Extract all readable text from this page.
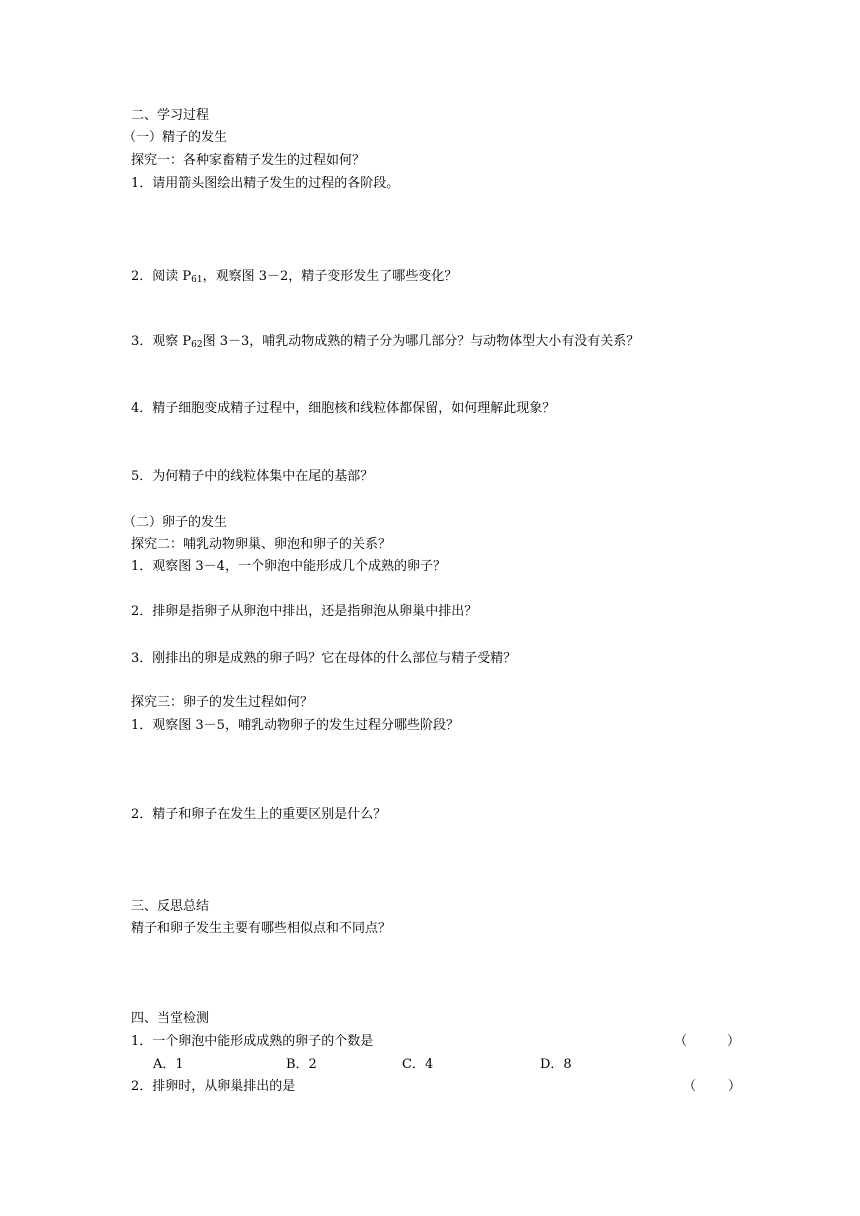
二、学习过程
（一）精子的发生
探究一：各种家畜精子发生的过程如何？
1．请用箭头图绘出精子发生的过程的各阶段。
2．阅读 $P_{61}$，观察图 3－2，精子变形发生了哪些变化？
3．观察 $P_{62}$图 3－3，哺乳动物成熟的精子分为哪几部分？与动物体型大小有没有关系？
4．精子细胞变成精子过程中，细胞核和线粒体都保留，如何理解此现象？
5．为何精子中的线粒体集中在尾的基部？
（二）卵子的发生
探究二：哺乳动物卵巢、卵泡和卵子的关系？
1．观察图 3－4，一个卵泡中能形成几个成熟的卵子？
2．排卵是指卵子从卵泡中排出，还是指卵泡从卵巢中排出？
3．刚排出的卵是成熟的卵子吗？它在母体的什么部位与精子受精？
探究三：卵子的发生过程如何？
1．观察图 3－5，哺乳动物卵子的发生过程分哪些阶段？
2．精子和卵子在发生上的重要区别是什么？
三、反思总结
精子和卵子发生主要有哪些相似点和不同点？
四、当堂检测
1．一个卵泡中能形成成熟的卵子的个数是	（	）
A．1	B．2	C．4	D．8
2．排卵时，从卵巢排出的是	（ ）
